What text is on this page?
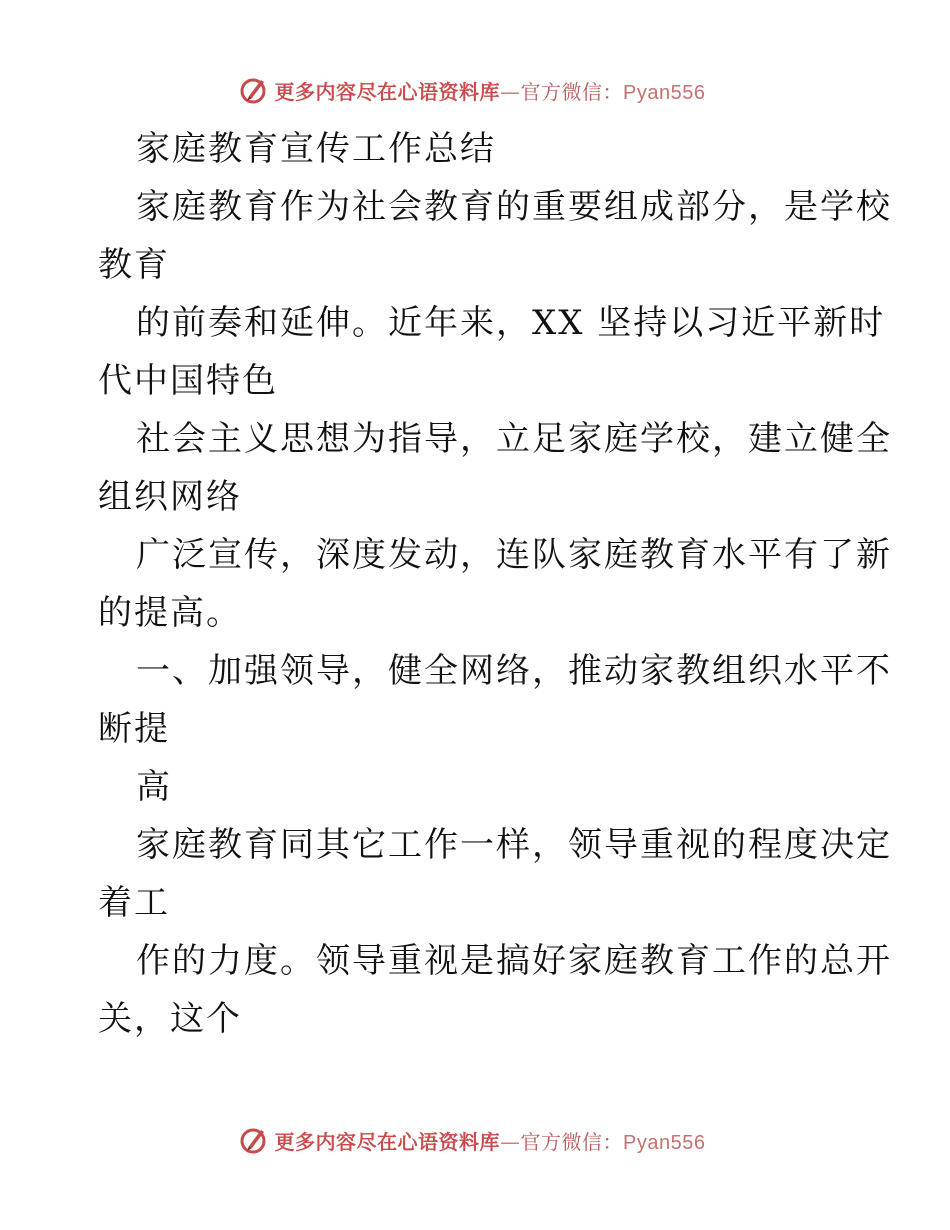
更多内容尽在心语资料库—官方微信：Pyan556
家庭教育宣传工作总结
家庭教育作为社会教育的重要组成部分，是学校
教育
的前奏和延伸。近年来，XX 坚持以习近平新时
代中国特色
社会主义思想为指导，立足家庭学校，建立健全
组织网络
广泛宣传，深度发动，连队家庭教育水平有了新
的提高。
一、加强领导，健全网络，推动家教组织水平不
断提
高
家庭教育同其它工作一样，领导重视的程度决定
着工
作的力度。领导重视是搞好家庭教育工作的总开
关，这个
更多内容尽在心语资料库—官方微信：Pyan556
